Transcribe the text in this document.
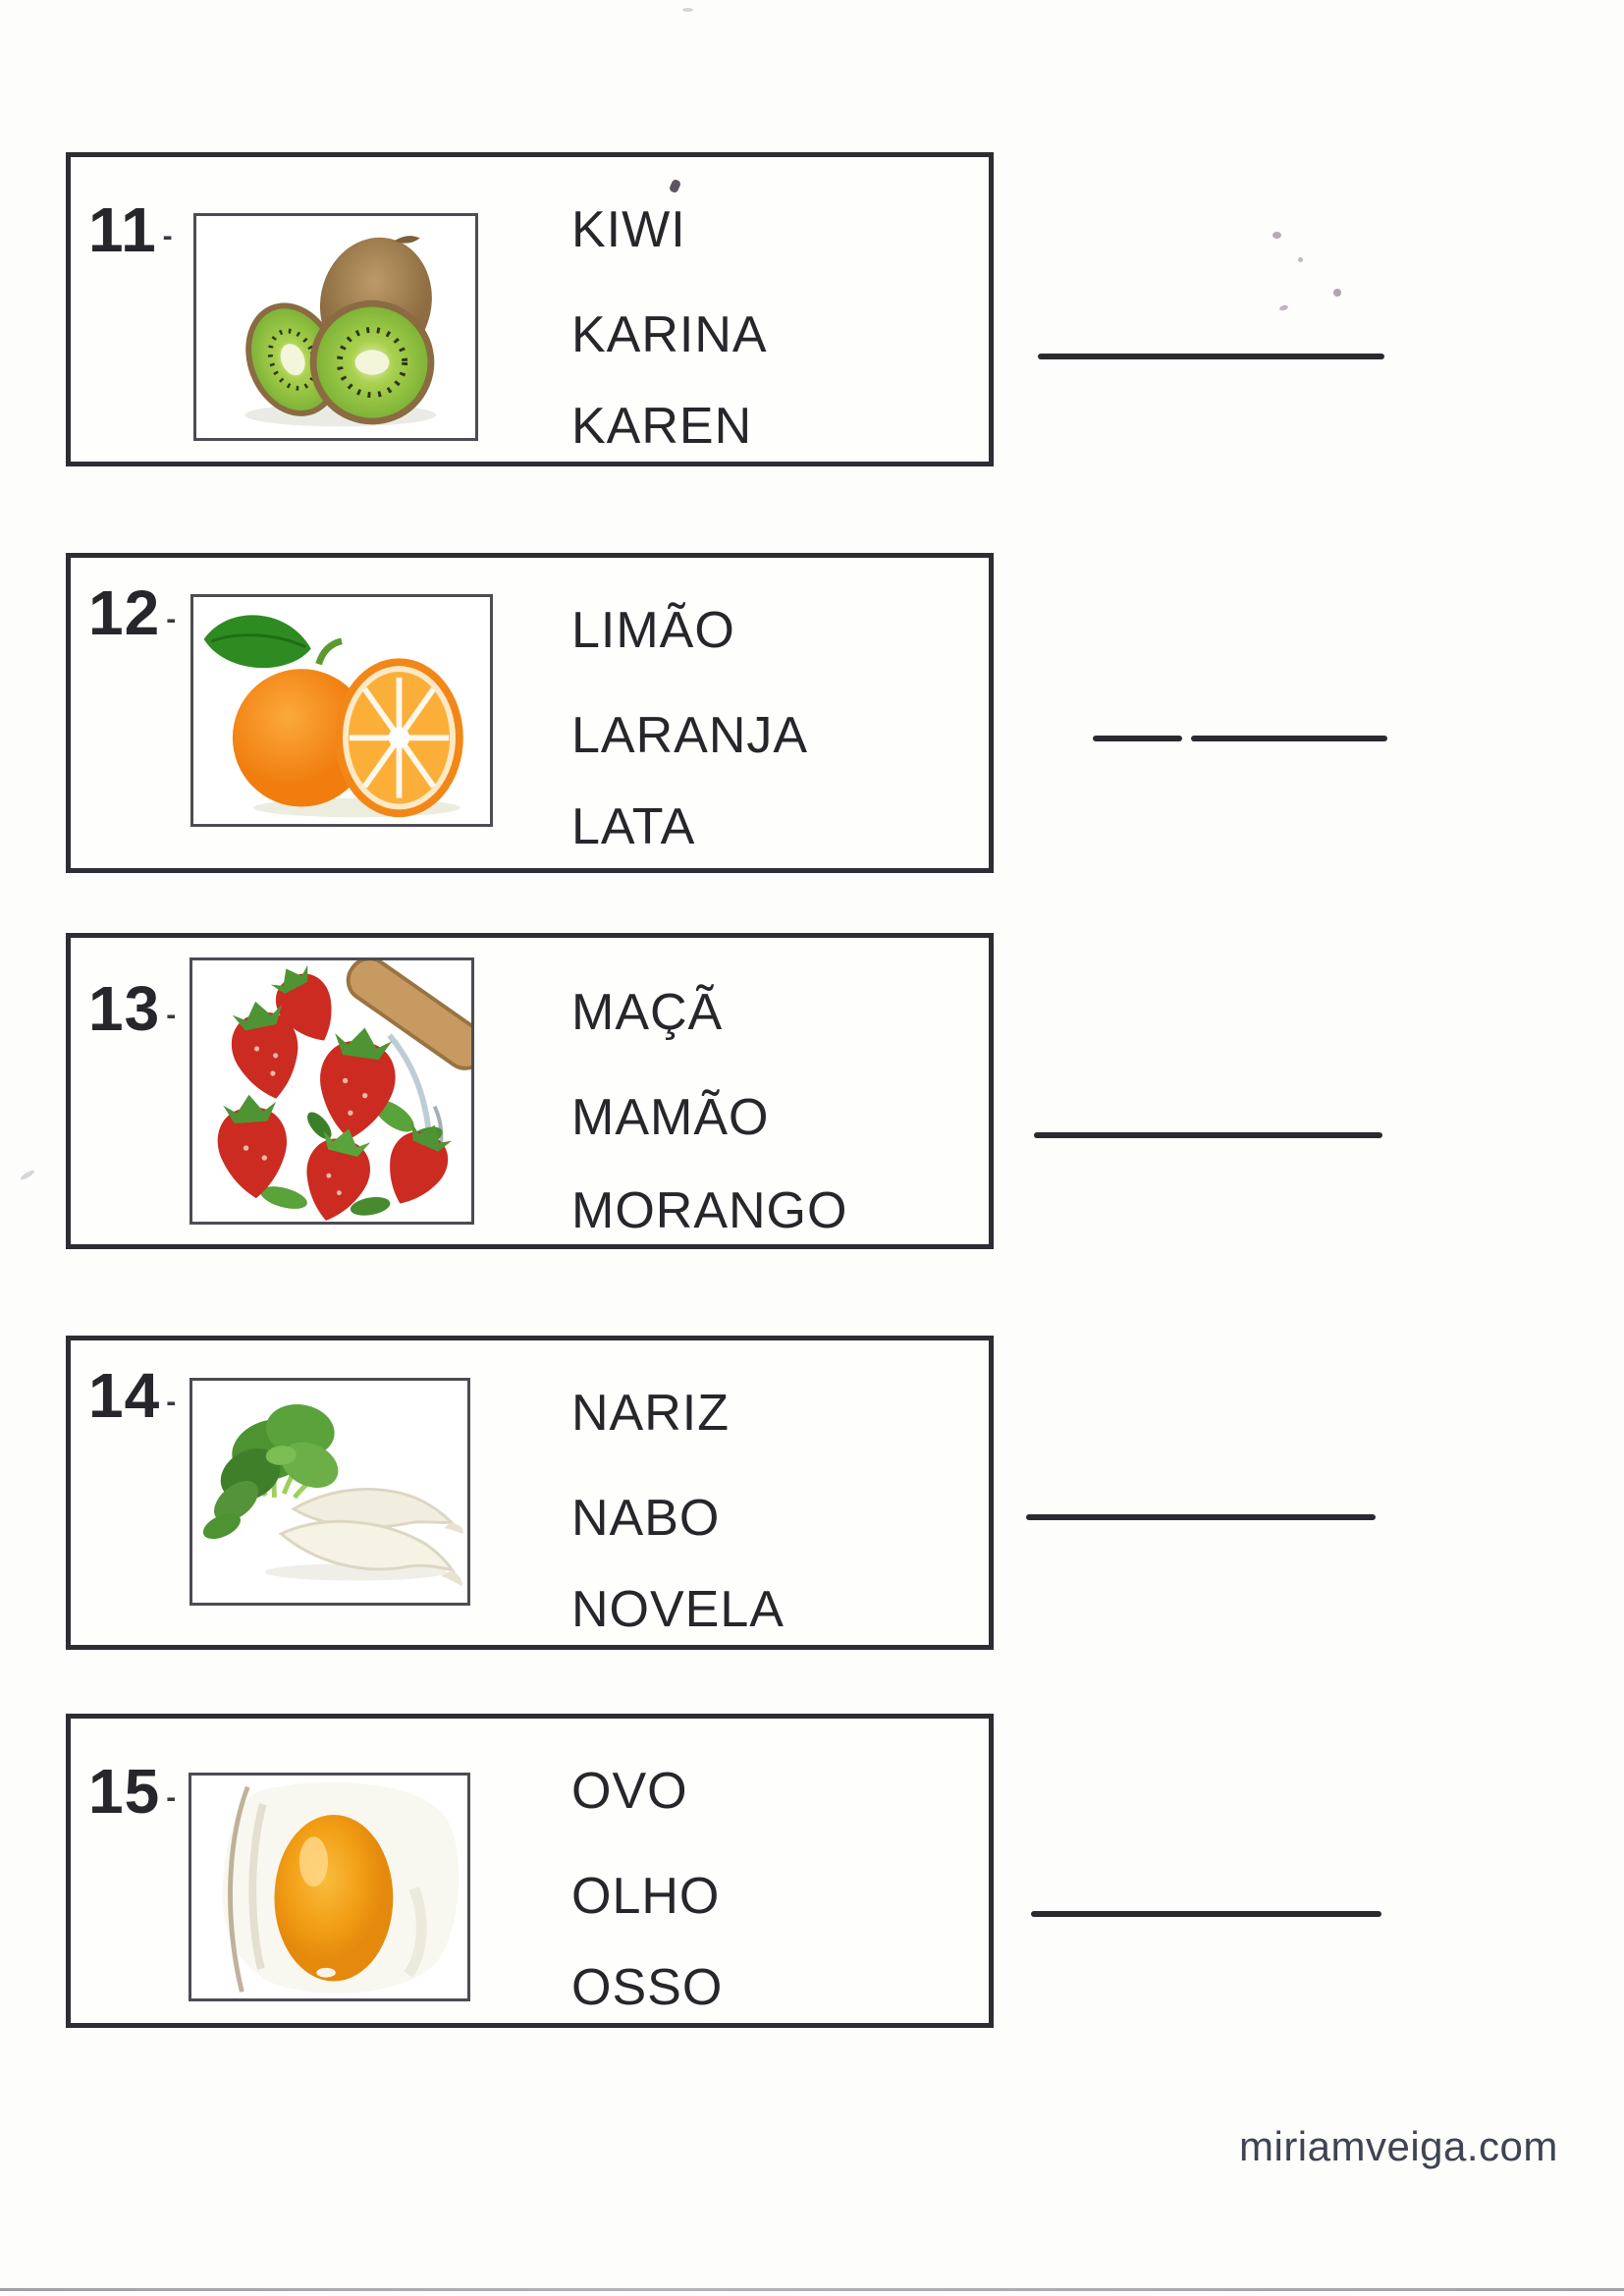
11 -	KIWI
KARINA
KAREN
12 -	LIMÃO
LARANJA
LATA
13 -	MAÇÃ
MAMÃO
MORANGO
14 -	NARIZ
NABO
NOVELA
15 -	OVO
OLHO
OSSO
miriamveiga.com
